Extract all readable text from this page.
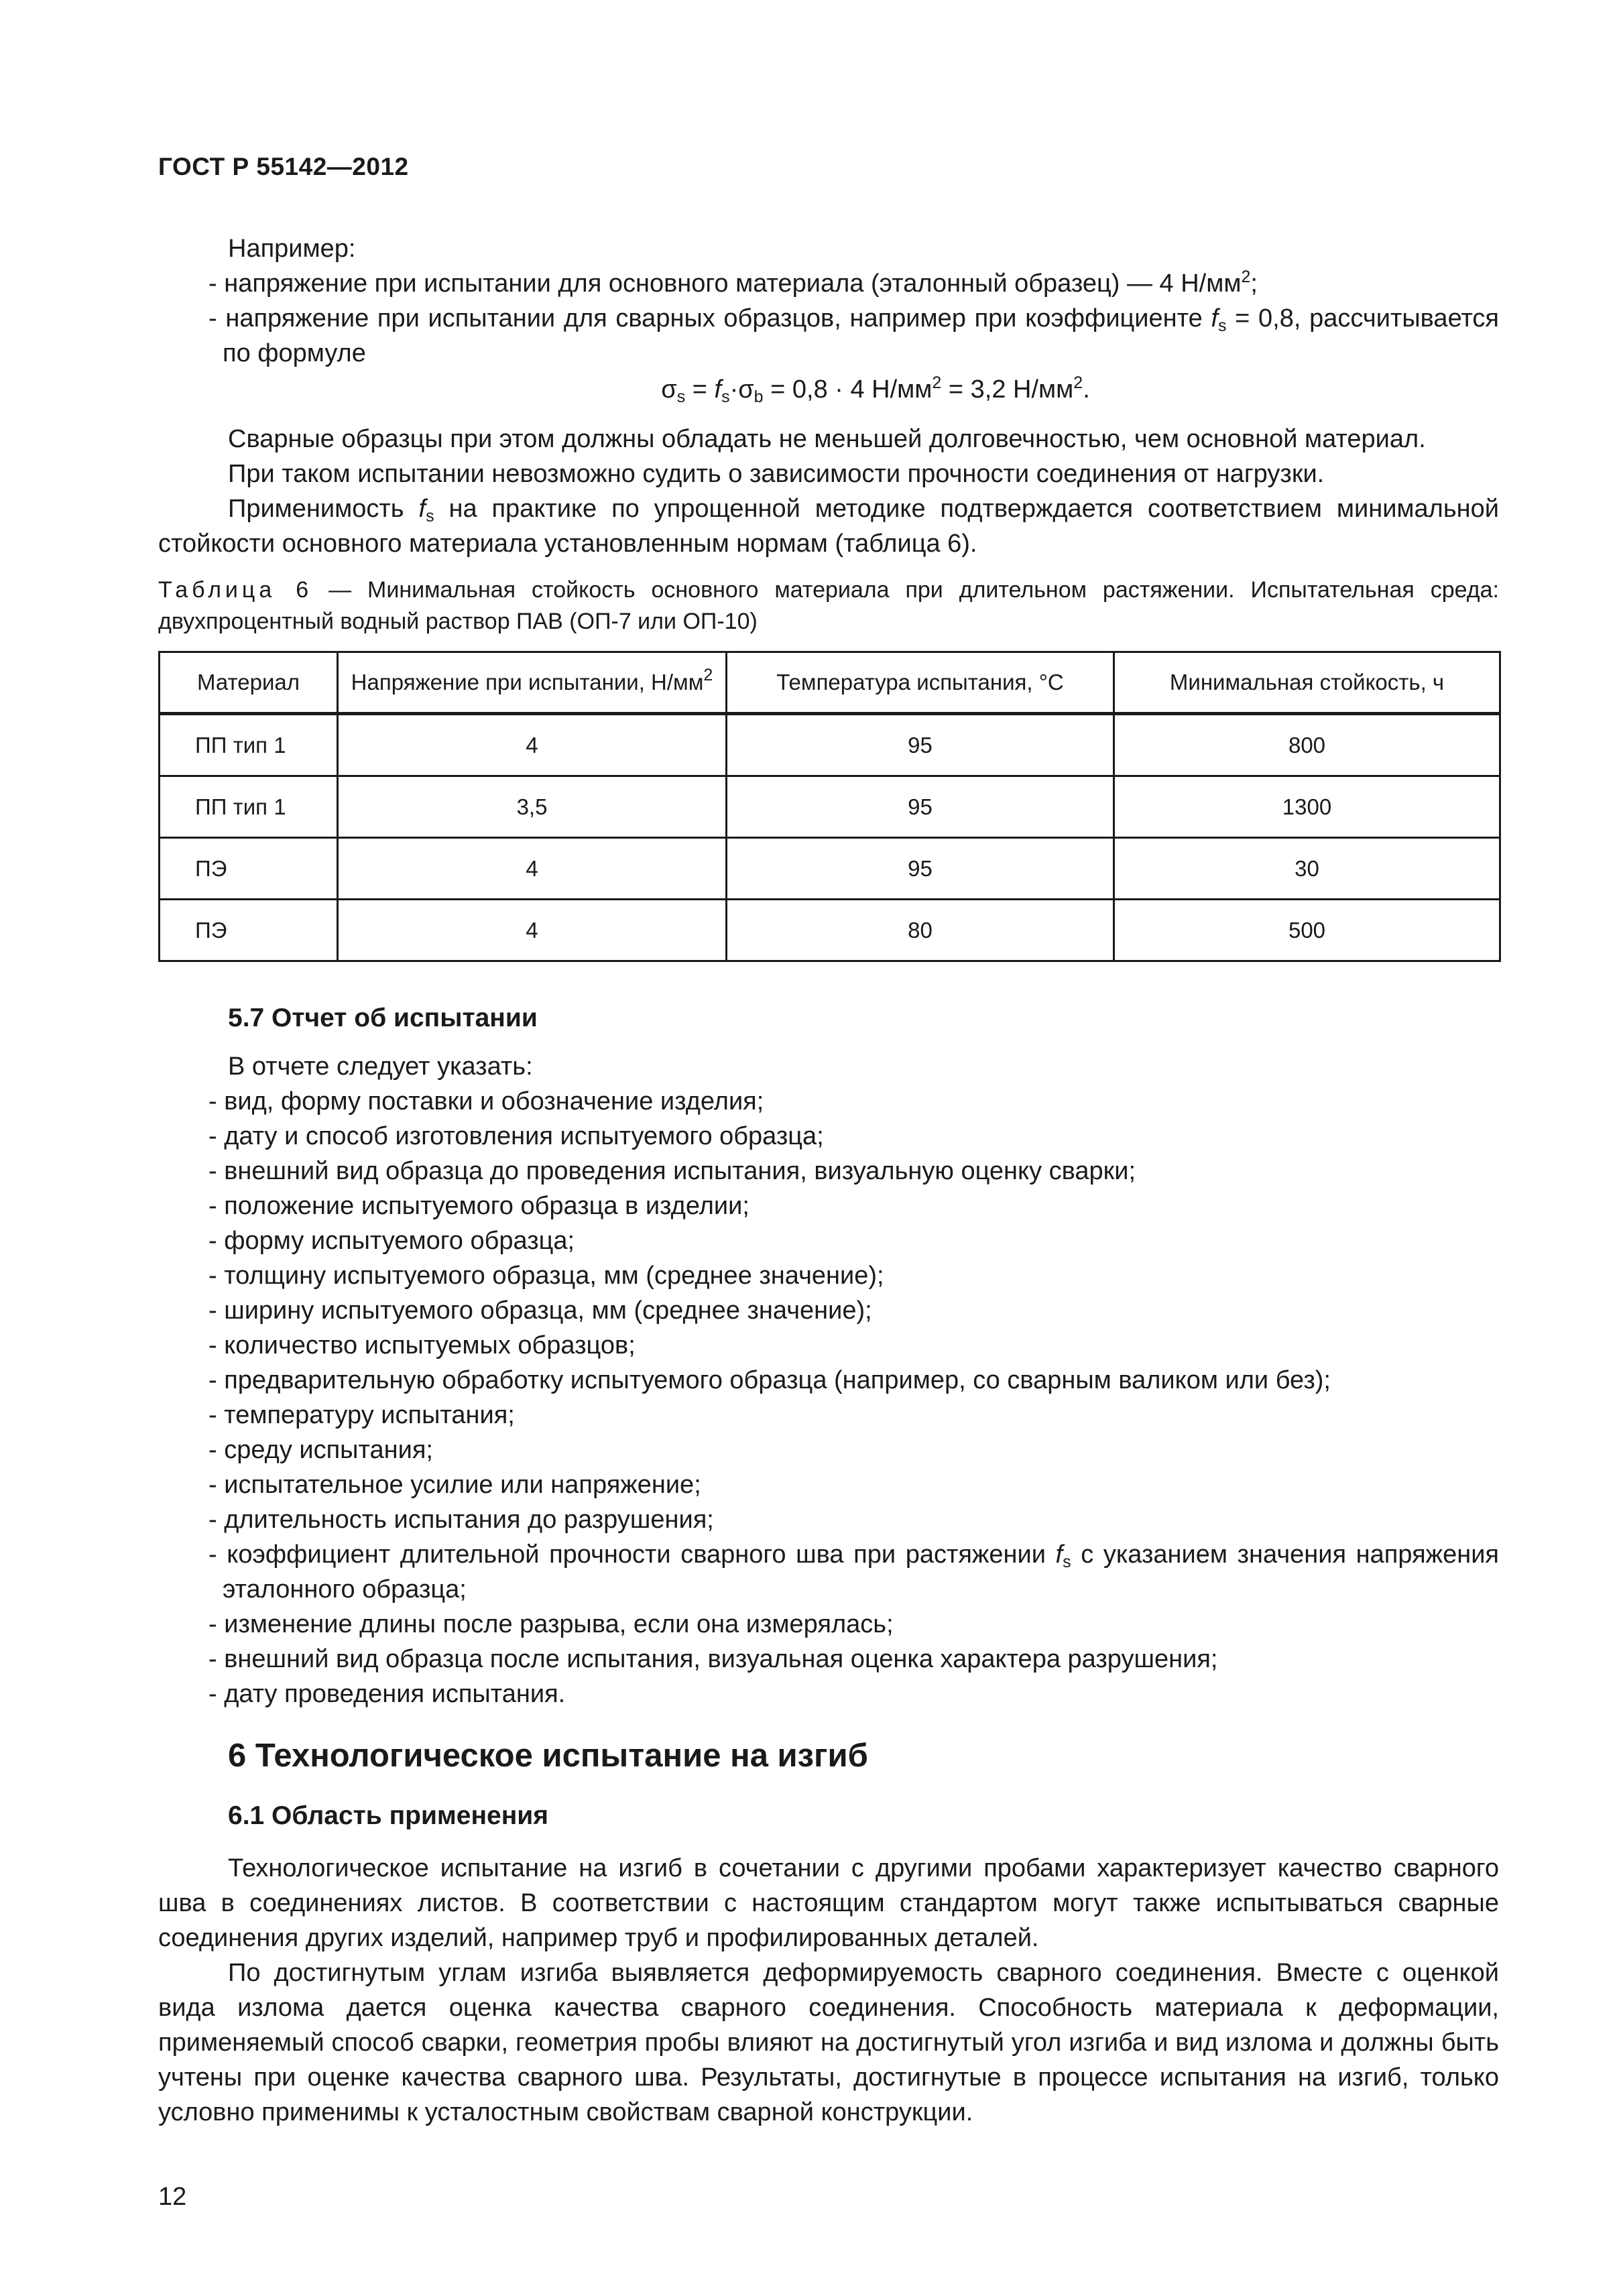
ГОСТ Р 55142—2012

Например:

- напряжение при испытании для основного материала (эталонный образец) — 4 $Н/мм^2$;

- напряжение при испытании для сварных образцов, например при коэффициенте $f_s = 0,8$, рассчитывается по формуле

$\sigma_s = f_s\cdot\sigma_b = 0,8 \cdot 4$ $Н/мм^2 = 3,2$ $Н/мм^2$.

Сварные образцы при этом должны обладать не меньшей долговечностью, чем основной материал.

При таком испытании невозможно судить о зависимости прочности соединения от нагрузки.

Применимость $f_s$ на практике по упрощенной методике подтверждается соответствием минимальной стойкости основного материала установленным нормам (таблица 6).

Таблица 6 — Минимальная стойкость основного материала при длительном растяжении. Испытательная среда: двухпроцентный водный раствор ПАВ (ОП-7 или ОП-10)

Материал	Напряжение при испытании, $Н/мм^2$	Температура испытания, °С	Минимальная стойкость, ч
ПП тип 1	4	95	800
ПП тип 1	3,5	95	1300
ПЭ	4	95	30
ПЭ	4	80	500

5.7 Отчет об испытании

В отчете следует указать:

- вид, форму поставки и обозначение изделия;

- дату и способ изготовления испытуемого образца;

- внешний вид образца до проведения испытания, визуальную оценку сварки;

- положение испытуемого образца в изделии;

- форму испытуемого образца;

- толщину испытуемого образца, мм (среднее значение);

- ширину испытуемого образца, мм (среднее значение);

- количество испытуемых образцов;

- предварительную обработку испытуемого образца (например, со сварным валиком или без);

- температуру испытания;

- среду испытания;

- испытательное усилие или напряжение;

- длительность испытания до разрушения;

- коэффициент длительной прочности сварного шва при растяжении $f_s$ с указанием значения напряжения эталонного образца;

- изменение длины после разрыва, если она измерялась;

- внешний вид образца после испытания, визуальная оценка характера разрушения;

- дату проведения испытания.

6 Технологическое испытание на изгиб

6.1 Область применения

Технологическое испытание на изгиб в сочетании с другими пробами характеризует качество сварного шва в соединениях листов. В соответствии с настоящим стандартом могут также испытываться сварные соединения других изделий, например труб и профилированных деталей.

По достигнутым углам изгиба выявляется деформируемость сварного соединения. Вместе с оценкой вида излома дается оценка качества сварного соединения. Способность материала к деформации, применяемый способ сварки, геометрия пробы влияют на достигнутый угол изгиба и вид излома и должны быть учтены при оценке качества сварного шва. Результаты, достигнутые в процессе испытания на изгиб, только условно применимы к усталостным свойствам сварной конструкции.

12
